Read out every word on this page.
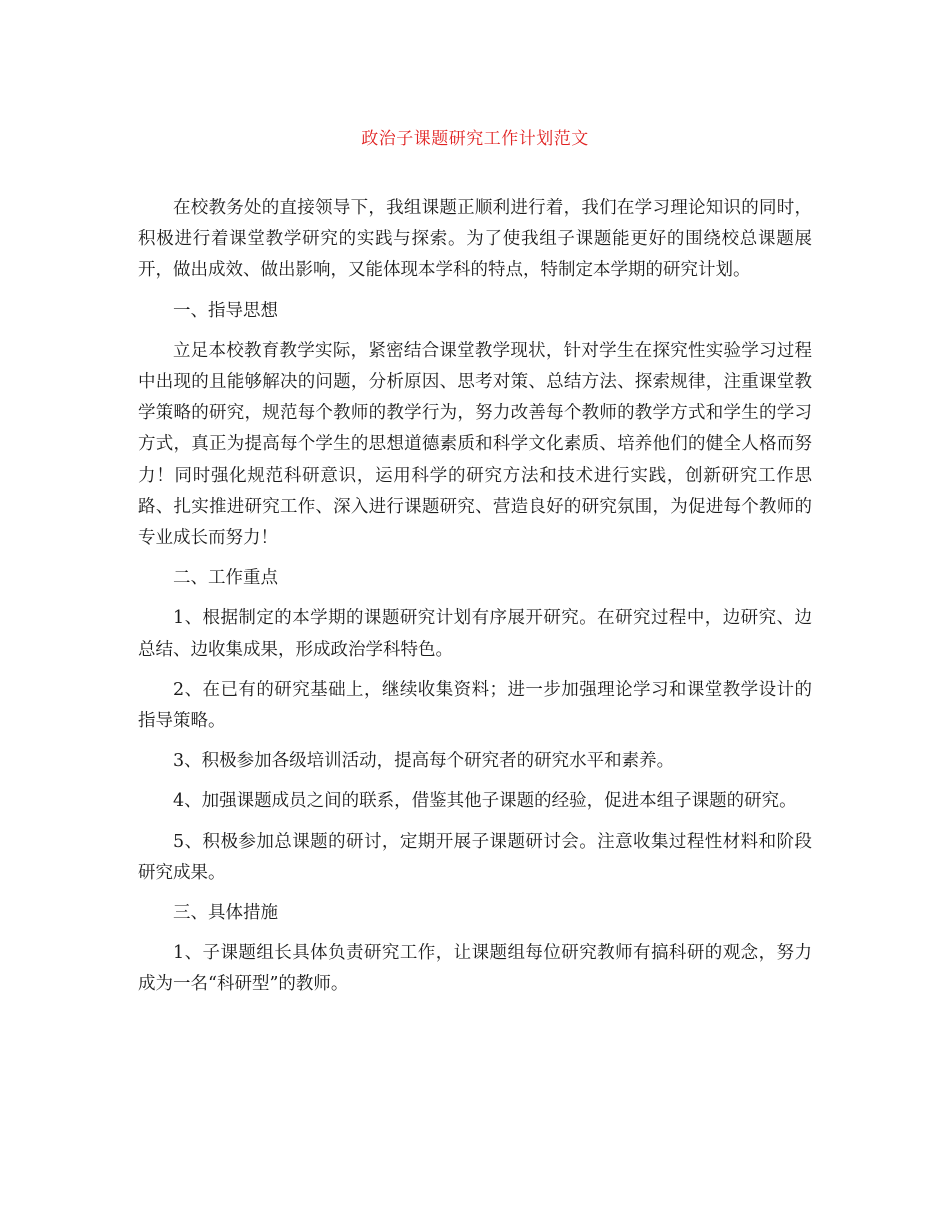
政治子课题研究工作计划范文

在校教务处的直接领导下，我组课题正顺利进行着，我们在学习理论知识的同时，积极进行着课堂教学研究的实践与探索。为了使我组子课题能更好的围绕校总课题展开，做出成效、做出影响，又能体现本学科的特点，特制定本学期的研究计划。

一、指导思想

立足本校教育教学实际，紧密结合课堂教学现状，针对学生在探究性实验学习过程中出现的且能够解决的问题，分析原因、思考对策、总结方法、探索规律，注重课堂教学策略的研究，规范每个教师的教学行为，努力改善每个教师的教学方式和学生的学习方式，真正为提高每个学生的思想道德素质和科学文化素质、培养他们的健全人格而努力！同时强化规范科研意识，运用科学的研究方法和技术进行实践，创新研究工作思路、扎实推进研究工作、深入进行课题研究、营造良好的研究氛围，为促进每个教师的专业成长而努力！

二、工作重点

1、根据制定的本学期的课题研究计划有序展开研究。在研究过程中，边研究、边总结、边收集成果，形成政治学科特色。

2、在已有的研究基础上，继续收集资料；进一步加强理论学习和课堂教学设计的指导策略。

3、积极参加各级培训活动，提高每个研究者的研究水平和素养。

4、加强课题成员之间的联系，借鉴其他子课题的经验，促进本组子课题的研究。

5、积极参加总课题的研讨，定期开展子课题研讨会。注意收集过程性材料和阶段研究成果。

三、具体措施

1、子课题组长具体负责研究工作，让课题组每位研究教师有搞科研的观念，努力成为一名“科研型”的教师。
